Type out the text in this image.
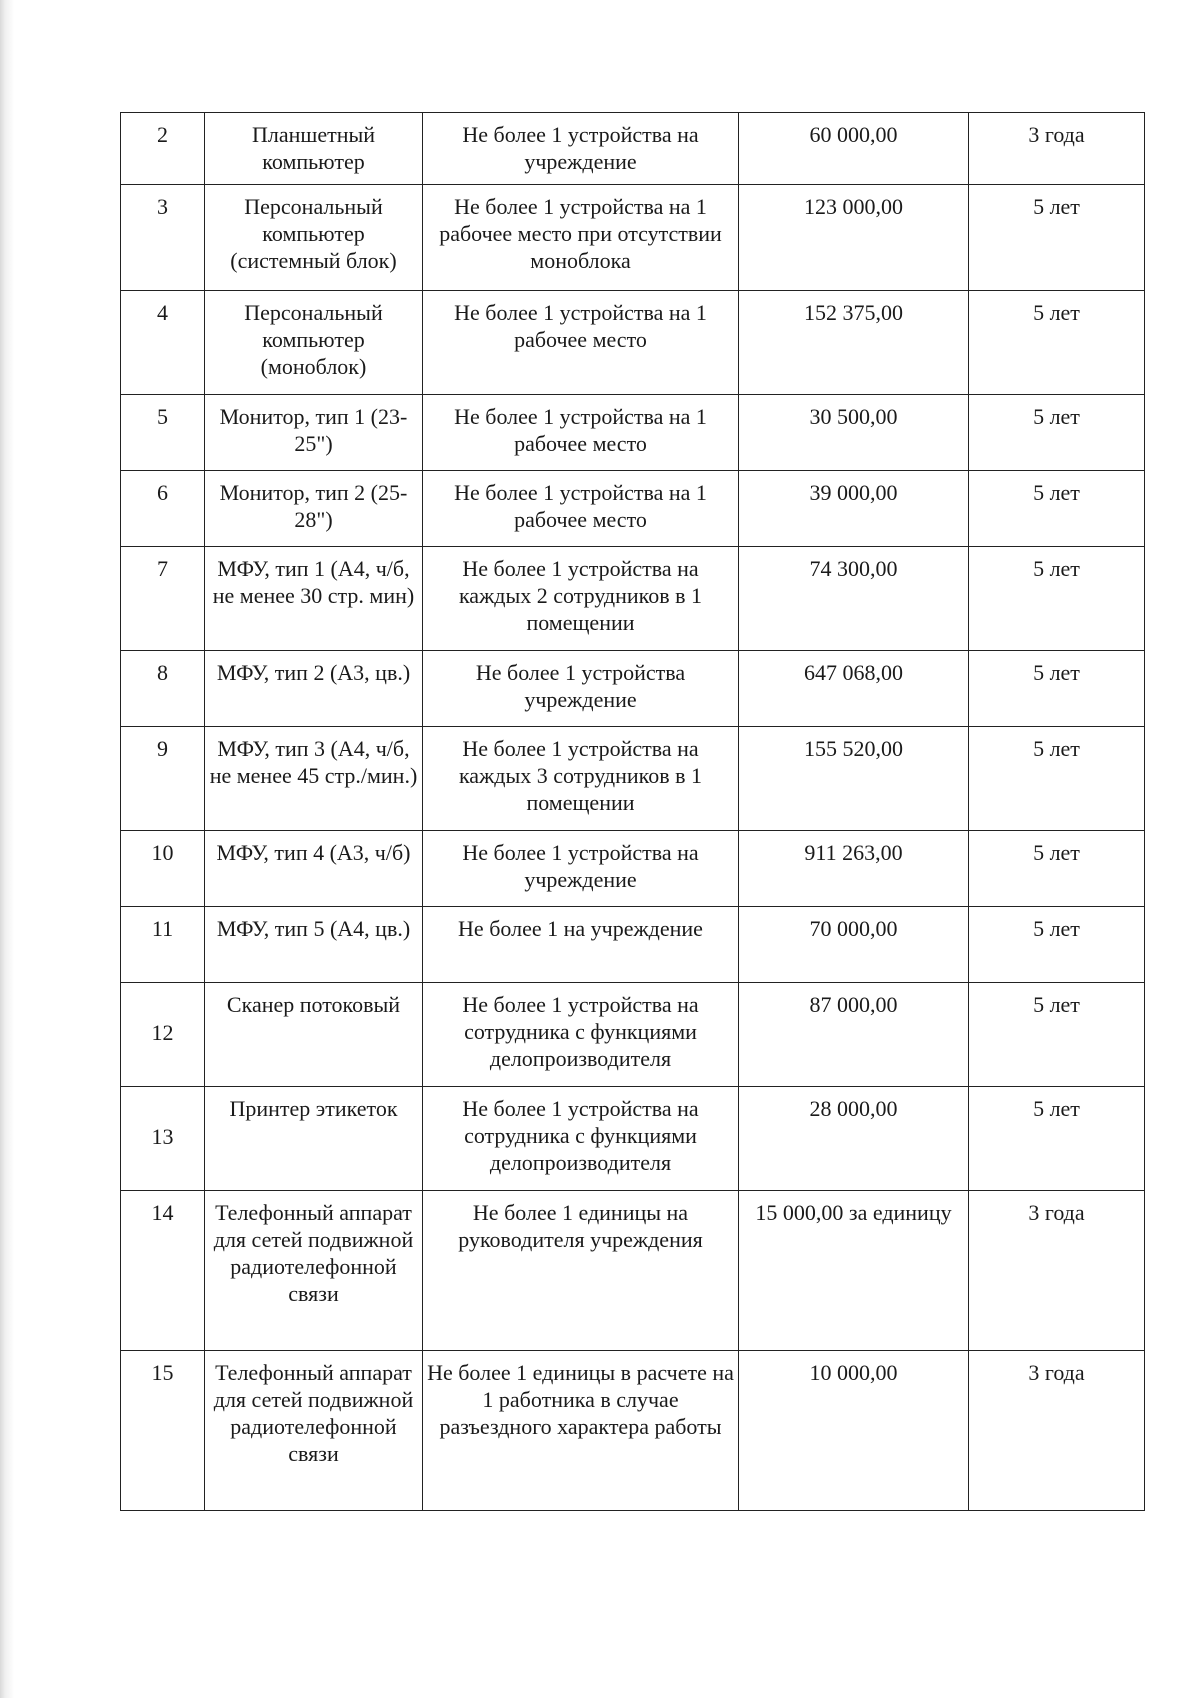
2	Планшетный компьютер	Не более 1 устройства на учреждение	60 000,00	3 года
3	Персональный компьютер (системный блок)	Не более 1 устройства на 1 рабочее место при отсутствии моноблока	123 000,00	5 лет
4	Персональный компьютер (моноблок)	Не более 1 устройства на 1 рабочее место	152 375,00	5 лет
5	Монитор, тип 1 (23-25")	Не более 1 устройства на 1 рабочее место	30 500,00	5 лет
6	Монитор, тип 2 (25-28")	Не более 1 устройства на 1 рабочее место	39 000,00	5 лет
7	МФУ, тип 1 (А4, ч/б, не менее 30 стр. мин)	Не более 1 устройства на каждых 2 сотрудников в 1 помещении	74 300,00	5 лет
8	МФУ, тип 2 (А3, цв.)	Не более 1 устройства учреждение	647 068,00	5 лет
9	МФУ, тип 3 (А4, ч/б, не менее 45 стр./мин.)	Не более 1 устройства на каждых 3 сотрудников в 1 помещении	155 520,00	5 лет
10	МФУ, тип 4 (А3, ч/б)	Не более 1 устройства на учреждение	911 263,00	5 лет
11	МФУ, тип 5 (А4, цв.)	Не более 1 на учреждение	70 000,00	5 лет
12	Сканер потоковый	Не более 1 устройства на сотрудника с функциями делопроизводителя	87 000,00	5 лет
13	Принтер этикеток	Не более 1 устройства на сотрудника с функциями делопроизводителя	28 000,00	5 лет
14	Телефонный аппарат для сетей подвижной радиотелефонной связи	Не более 1 единицы на руководителя учреждения	15 000,00 за единицу	3 года
15	Телефонный аппарат для сетей подвижной радиотелефонной связи	Не более 1 единицы в расчете на 1 работника в случае разъездного характера работы	10 000,00	3 года
